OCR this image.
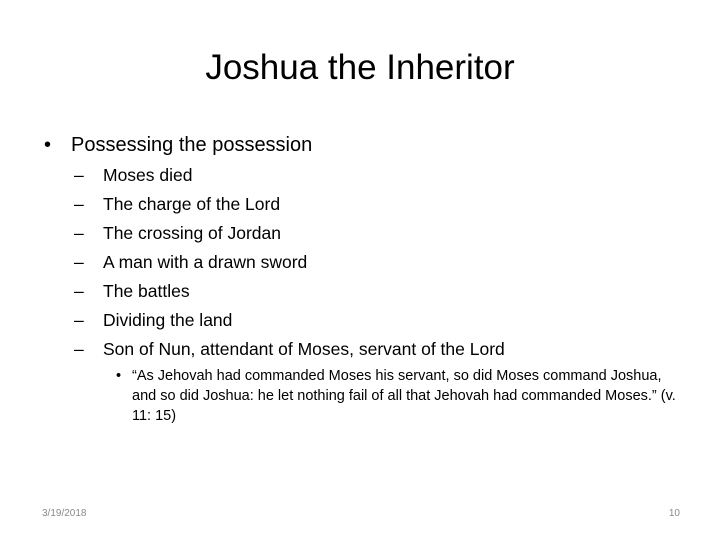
Joshua the Inheritor
• Possessing the possession
–	Moses died
–	The charge of the Lord
–	The crossing of Jordan
–	A man with a drawn sword
–	The battles
–	Dividing the land
–	Son of Nun, attendant of Moses, servant of the Lord
• “As Jehovah had commanded Moses his servant, so did Moses command Joshua, and so did Joshua: he let nothing fail of all that Jehovah had commanded Moses.” (v. 11: 15)
3/19/2018	10
